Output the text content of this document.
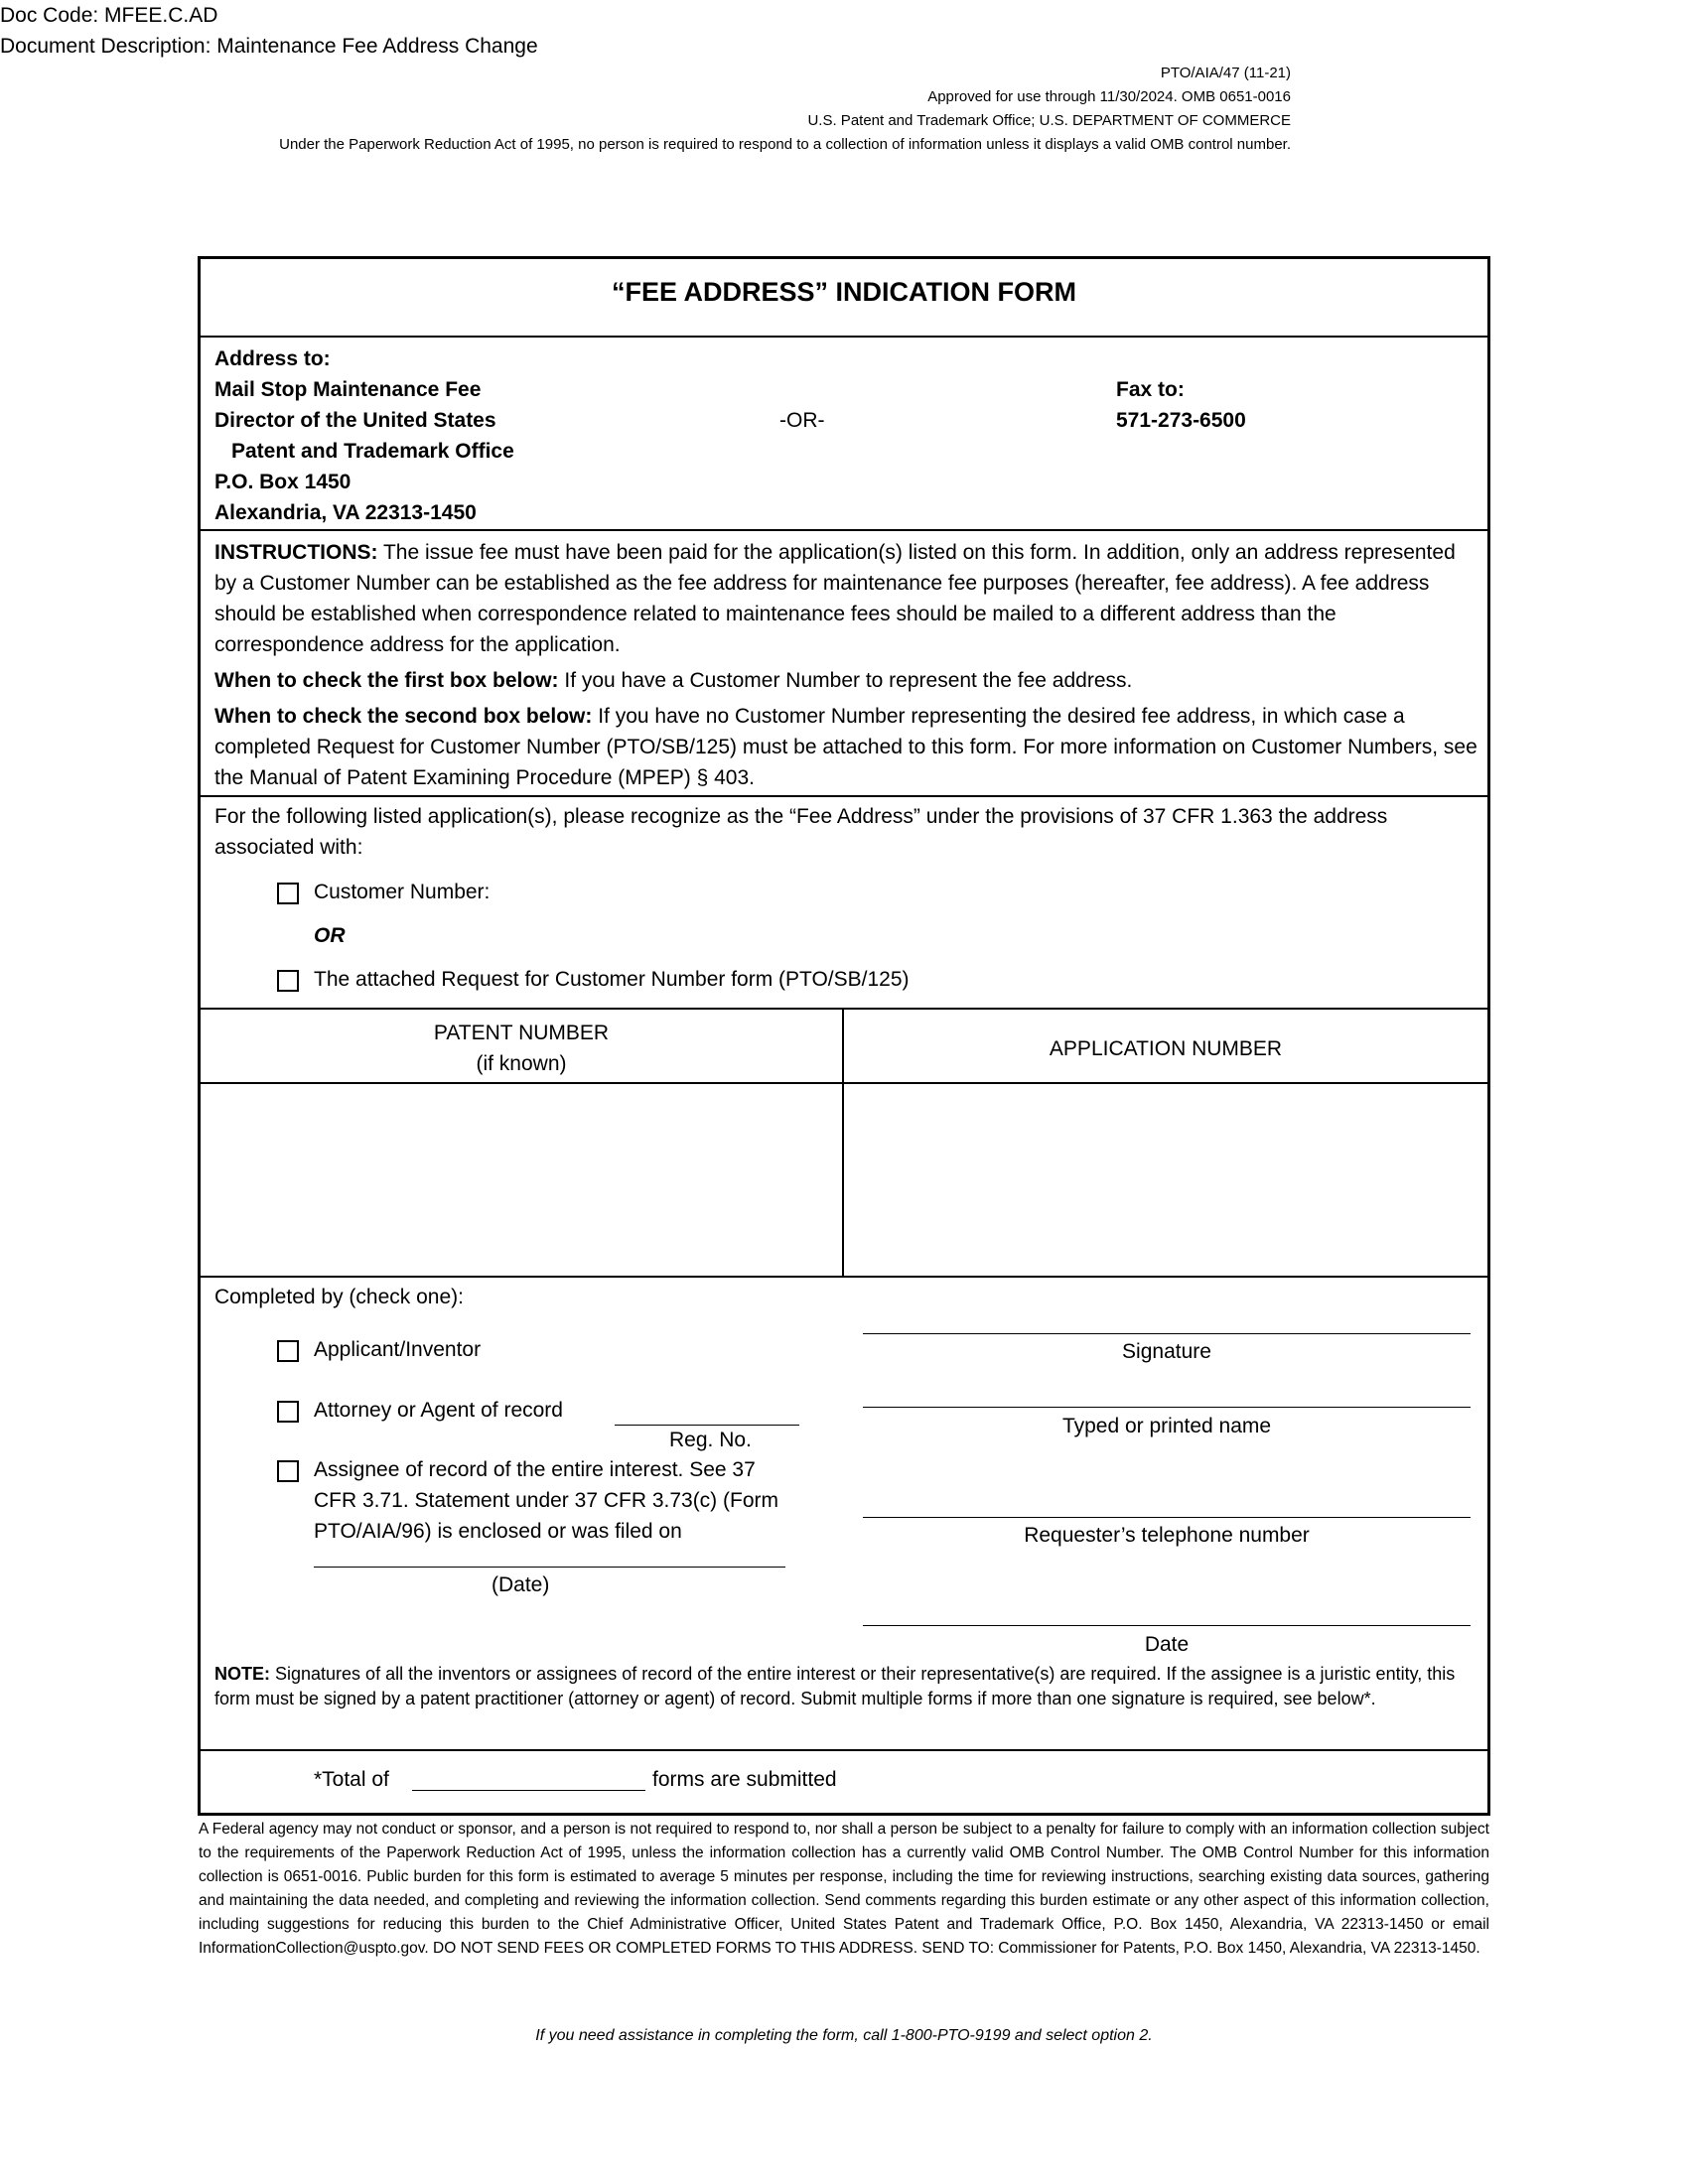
Doc Code: MFEE.C.AD
Document Description: Maintenance Fee Address Change
PTO/AIA/47 (11-21)
Approved for use through 11/30/2024. OMB 0651-0016
U.S. Patent and Trademark Office; U.S. DEPARTMENT OF COMMERCE
Under the Paperwork Reduction Act of 1995, no person is required to respond to a collection of information unless it displays a valid OMB control number.
“FEE ADDRESS” INDICATION FORM
Address to:
Mail Stop Maintenance Fee
Director of the United States
Patent and Trademark Office
P.O. Box 1450
Alexandria, VA 22313-1450
-OR-
Fax to:
571-273-6500
INSTRUCTIONS: The issue fee must have been paid for the application(s) listed on this form. In addition, only an address represented by a Customer Number can be established as the fee address for maintenance fee purposes (hereafter, fee address). A fee address should be established when correspondence related to maintenance fees should be mailed to a different address than the correspondence address for the application.
When to check the first box below: If you have a Customer Number to represent the fee address.
When to check the second box below: If you have no Customer Number representing the desired fee address, in which case a completed Request for Customer Number (PTO/SB/125) must be attached to this form. For more information on Customer Numbers, see the Manual of Patent Examining Procedure (MPEP) § 403.
For the following listed application(s), please recognize as the “Fee Address” under the provisions of 37 CFR 1.363 the address associated with:
Customer Number:
OR
The attached Request for Customer Number form (PTO/SB/125)
PATENT NUMBER
(if known)
APPLICATION NUMBER
Completed by (check one):
Applicant/Inventor
Attorney or Agent of record
Reg. No.
Assignee of record of the entire interest. See 37 CFR 3.71. Statement under 37 CFR 3.73(c) (Form PTO/AIA/96) is enclosed or was filed on
(Date)
Signature
Typed or printed name
Requester’s telephone number
Date
NOTE: Signatures of all the inventors or assignees of record of the entire interest or their representative(s) are required. If the assignee is a juristic entity, this form must be signed by a patent practitioner (attorney or agent) of record. Submit multiple forms if more than one signature is required, see below*.
*Total of	forms are submitted
A Federal agency may not conduct or sponsor, and a person is not required to respond to, nor shall a person be subject to a penalty for failure to comply with an information collection subject to the requirements of the Paperwork Reduction Act of 1995, unless the information collection has a currently valid OMB Control Number. The OMB Control Number for this information collection is 0651-0016. Public burden for this form is estimated to average 5 minutes per response, including the time for reviewing instructions, searching existing data sources, gathering and maintaining the data needed, and completing and reviewing the information collection. Send comments regarding this burden estimate or any other aspect of this information collection, including suggestions for reducing this burden to the Chief Administrative Officer, United States Patent and Trademark Office, P.O. Box 1450, Alexandria, VA 22313-1450 or email InformationCollection@uspto.gov. DO NOT SEND FEES OR COMPLETED FORMS TO THIS ADDRESS. SEND TO: Commissioner for Patents, P.O. Box 1450, Alexandria, VA 22313-1450.
If you need assistance in completing the form, call 1-800-PTO-9199 and select option 2.
